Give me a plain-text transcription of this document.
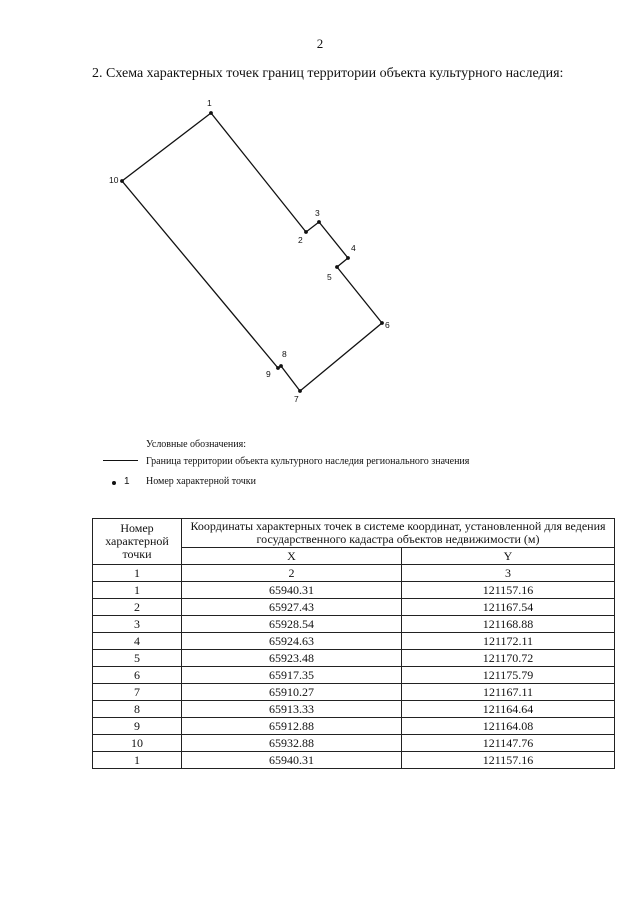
2
2. Схема характерных точек границ территории объекта культурного наследия:
1
2
3
4
5
6
7
8
9
10
Условные обозначения:
Граница территории объекта культурного наследия регионального значения
1 Номер характерной точки
Номер характерной точки	Координаты характерных точек в системе координат, установленной для ведения государственного кадастра объектов недвижимости (м)	
	X	Y
1	2	3
1	65940.31	121157.16
2	65927.43	121167.54
3	65928.54	121168.88
4	65924.63	121172.11
5	65923.48	121170.72
6	65917.35	121175.79
7	65910.27	121167.11
8	65913.33	121164.64
9	65912.88	121164.08
10	65932.88	121147.76
1	65940.31	121157.16
